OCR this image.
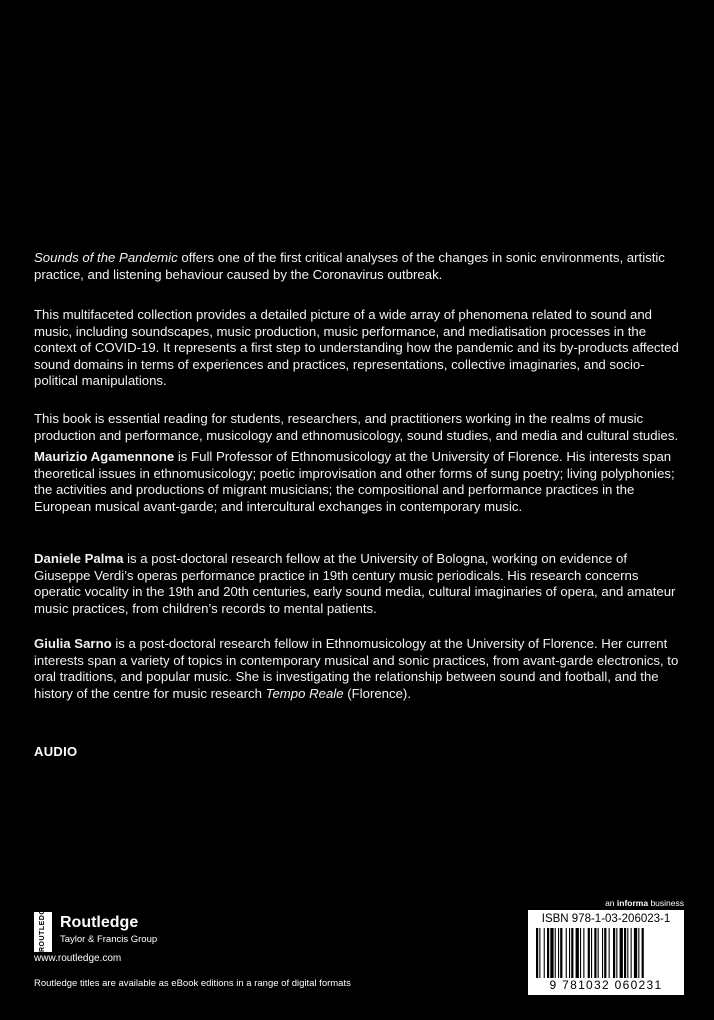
Sounds of the Pandemic offers one of the first critical analyses of the changes in sonic environments, artistic practice, and listening behaviour caused by the Coronavirus outbreak.

This multifaceted collection provides a detailed picture of a wide array of phenomena related to sound and music, including soundscapes, music production, music performance, and mediatisation processes in the context of COVID-19. It represents a first step to understanding how the pandemic and its by-products affected sound domains in terms of experiences and practices, representations, collective imaginaries, and socio-political manipulations.

This book is essential reading for students, researchers, and practitioners working in the realms of music production and performance, musicology and ethnomusicology, sound studies, and media and cultural studies.

Maurizio Agamennone is Full Professor of Ethnomusicology at the University of Florence. His interests span theoretical issues in ethnomusicology; poetic improvisation and other forms of sung poetry; living polyphonies; the activities and productions of migrant musicians; the compositional and performance practices in the European musical avant-garde; and intercultural exchanges in contemporary music.

Daniele Palma is a post-doctoral research fellow at the University of Bologna, working on evidence of Giuseppe Verdi’s operas performance practice in 19th century music periodicals. His research concerns operatic vocality in the 19th and 20th centuries, early sound media, cultural imaginaries of opera, and amateur music practices, from children’s records to mental patients.

Giulia Sarno is a post-doctoral research fellow in Ethnomusicology at the University of Florence. Her current interests span a variety of topics in contemporary musical and sonic practices, from avant-garde electronics, to oral traditions, and popular music. She is investigating the relationship between sound and football, and the history of the centre for music research Tempo Reale (Florence).

AUDIO
ROUTLEDGE Routledge
Taylor & Francis Group
www.routledge.com
Routledge titles are available as eBook editions in a range of digital formats
an informa business
ISBN 978-1-03-206023-1
9 781032 060231
